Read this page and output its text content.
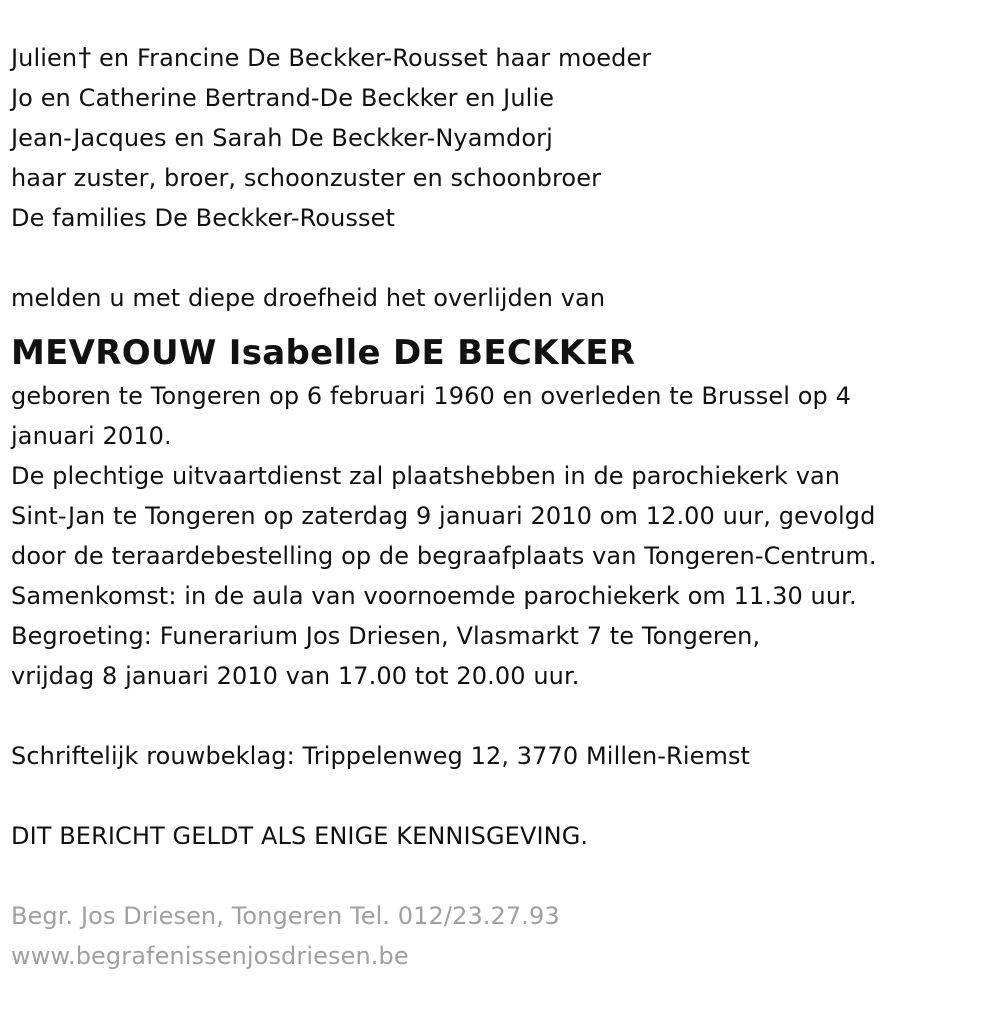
Julien† en Francine De Beckker-Rousset haar moeder
Jo en Catherine Bertrand-De Beckker en Julie
Jean-Jacques en Sarah De Beckker-Nyamdorj
haar zuster, broer, schoonzuster en schoonbroer
De families De Beckker-Rousset
melden u met diepe droefheid het overlijden van
MEVROUW Isabelle DE BECKKER
geboren te Tongeren op 6 februari 1960 en overleden te Brussel op 4
januari 2010.
De plechtige uitvaartdienst zal plaatshebben in de parochiekerk van
Sint-Jan te Tongeren op zaterdag 9 januari 2010 om 12.00 uur, gevolgd
door de teraardebestelling op de begraafplaats van Tongeren-Centrum.
Samenkomst: in de aula van voornoemde parochiekerk om 11.30 uur.
Begroeting: Funerarium Jos Driesen, Vlasmarkt 7 te Tongeren,
vrijdag 8 januari 2010 van 17.00 tot 20.00 uur.
Schriftelijk rouwbeklag: Trippelenweg 12, 3770 Millen-Riemst
DIT BERICHT GELDT ALS ENIGE KENNISGEVING.
Begr. Jos Driesen, Tongeren Tel. 012/23.27.93
www.begrafenissenjosdriesen.be
